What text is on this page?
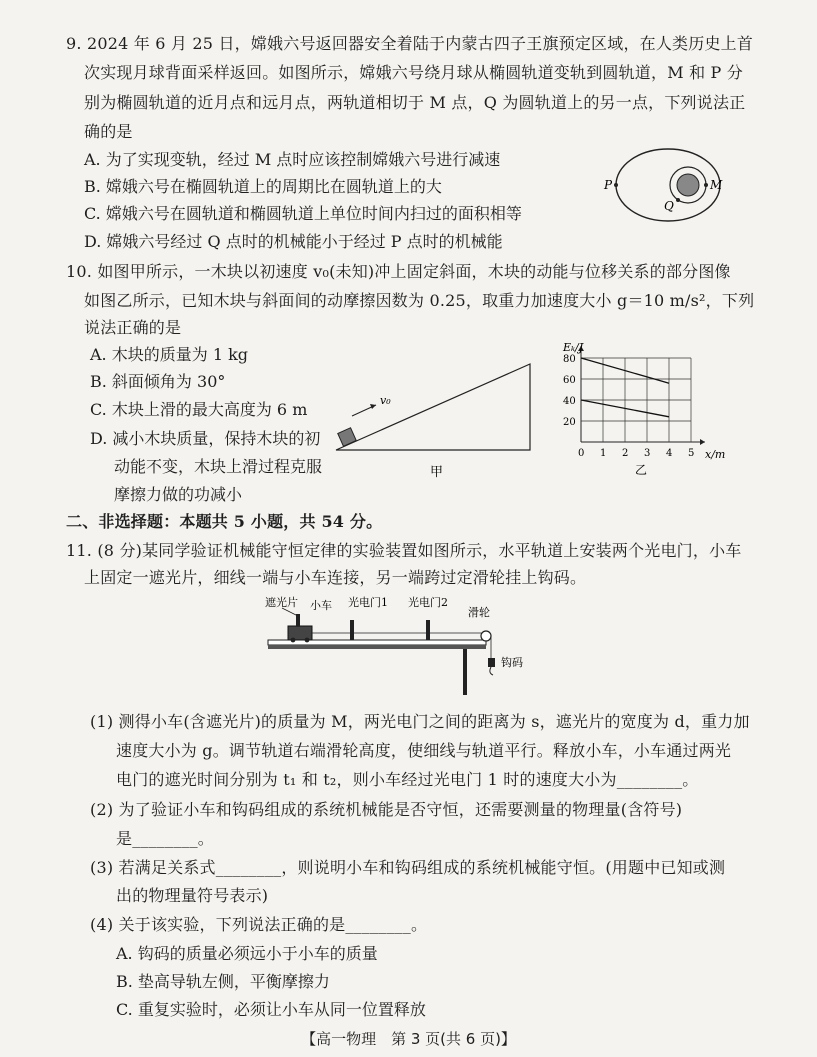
9. 2024 年 6 月 25 日，嫦娥六号返回器安全着陆于内蒙古四子王旗预定区域，在人类历史上首
次实现月球背面采样返回。如图所示，嫦娥六号绕月球从椭圆轨道变轨到圆轨道，M 和 P 分
别为椭圆轨道的近月点和远月点，两轨道相切于 M 点，Q 为圆轨道上的另一点，下列说法正
确的是
A. 为了实现变轨，经过 M 点时应该控制嫦娥六号进行减速
B. 嫦娥六号在椭圆轨道上的周期比在圆轨道上的大
C. 嫦娥六号在圆轨道和椭圆轨道上单位时间内扫过的面积相等
D. 嫦娥六号经过 Q 点时的机械能小于经过 P 点时的机械能
P	M
Q
10. 如图甲所示，一木块以初速度 v₀(未知)冲上固定斜面，木块的动能与位移关系的部分图像
如图乙所示，已知木块与斜面间的动摩擦因数为 0.25，取重力加速度大小 g＝10 m/s²，下列
说法正确的是
A. 木块的质量为 1 kg
B. 斜面倾角为 30°
C. 木块上滑的最大高度为 6 m
D. 减小木块质量，保持木块的初
动能不变，木块上滑过程克服
摩擦力做的功减小
v₀
甲
0 1 2 3 4 5
20
40
60
80
Eₖ/J
x/m
乙
二、非选择题：本题共 5 小题，共 54 分。
11. (8 分)某同学验证机械能守恒定律的实验装置如图所示，水平轨道上安装两个光电门，小车
上固定一遮光片，细线一端与小车连接，另一端跨过定滑轮挂上钩码。
遮光片 小车 光电门1 光电门2
滑轮
钩码
(1) 测得小车(含遮光片)的质量为 M，两光电门之间的距离为 s，遮光片的宽度为 d，重力加
速度大小为 g。调节轨道右端滑轮高度，使细线与轨道平行。释放小车，小车通过两光
电门的遮光时间分别为 t₁ 和 t₂，则小车经过光电门 1 时的速度大小为________。
(2) 为了验证小车和钩码组成的系统机械能是否守恒，还需要测量的物理量(含符号)
是________。
(3) 若满足关系式________，则说明小车和钩码组成的系统机械能守恒。(用题中已知或测
出的物理量符号表示)
(4) 关于该实验，下列说法正确的是________。
A. 钩码的质量必须远小于小车的质量
B. 垫高导轨左侧，平衡摩擦力
C. 重复实验时，必须让小车从同一位置释放
【高一物理　第 3 页(共 6 页)】
